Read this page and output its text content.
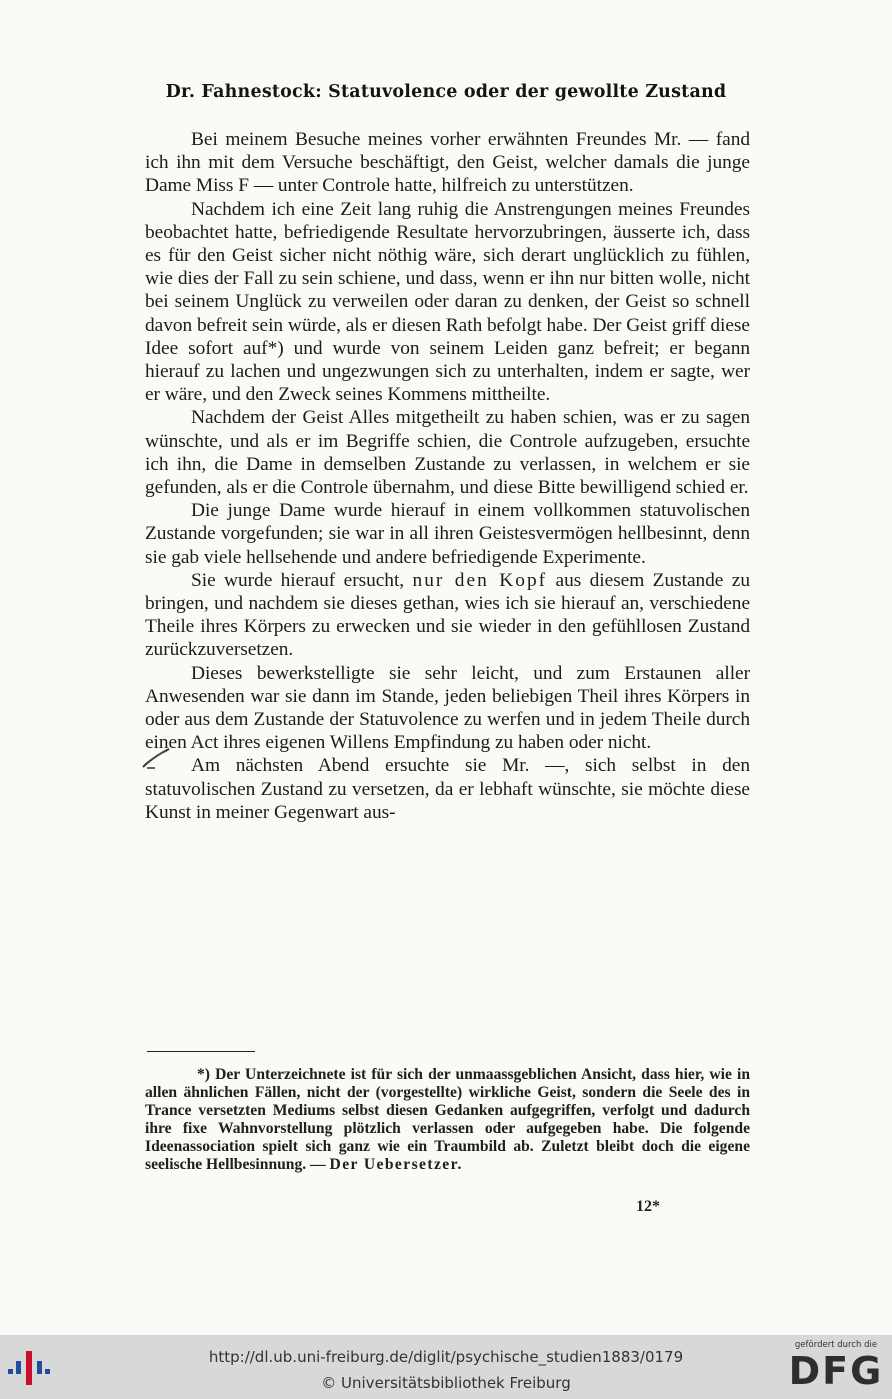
Dr. Fahnestock: Statuvolence oder der gewollte Zustand

Bei meinem Besuche meines vorher erwähnten Freundes Mr. — fand ich ihn mit dem Versuche beschäftigt, den Geist, welcher damals die junge Dame Miss F — unter Controle hatte, hilfreich zu unterstützen.

Nachdem ich eine Zeit lang ruhig die Anstrengungen meines Freundes beobachtet hatte, befriedigende Resultate hervorzubringen, äusserte ich, dass es für den Geist sicher nicht nöthig wäre, sich derart unglücklich zu fühlen, wie dies der Fall zu sein schiene, und dass, wenn er ihn nur bitten wolle, nicht bei seinem Unglück zu verweilen oder daran zu denken, der Geist so schnell davon befreit sein würde, als er diesen Rath befolgt habe. Der Geist griff diese Idee sofort auf*) und wurde von seinem Leiden ganz befreit; er begann hierauf zu lachen und ungezwungen sich zu unterhalten, indem er sagte, wer er wäre, und den Zweck seines Kommens mittheilte.

Nachdem der Geist Alles mitgetheilt zu haben schien, was er zu sagen wünschte, und als er im Begriffe schien, die Controle aufzugeben, ersuchte ich ihn, die Dame in demselben Zustande zu verlassen, in welchem er sie gefunden, als er die Controle übernahm, und diese Bitte bewilligend schied er.

Die junge Dame wurde hierauf in einem vollkommen statuvolischen Zustande vorgefunden; sie war in all ihren Geistesvermögen hellbesinnt, denn sie gab viele hellsehende und andere befriedigende Experimente.

Sie wurde hierauf ersucht, nur den Kopf aus diesem Zustande zu bringen, und nachdem sie dieses gethan, wies ich sie hierauf an, verschiedene Theile ihres Körpers zu erwecken und sie wieder in den gefühllosen Zustand zurückzuversetzen.

Dieses bewerkstelligte sie sehr leicht, und zum Erstaunen aller Anwesenden war sie dann im Stande, jeden beliebigen Theil ihres Körpers in oder aus dem Zustande der Statuvolence zu werfen und in jedem Theile durch einen Act ihres eigenen Willens Empfindung zu haben oder nicht.

Am nächsten Abend ersuchte sie Mr. —, sich selbst in den statuvolischen Zustand zu versetzen, da er lebhaft wünschte, sie möchte diese Kunst in meiner Gegenwart aus-

*) Der Unterzeichnete ist für sich der unmaassgeblichen Ansicht, dass hier, wie in allen ähnlichen Fällen, nicht der (vorgestellte) wirkliche Geist, sondern die Seele des in Trance versetzten Mediums selbst diesen Gedanken aufgegriffen, verfolgt und dadurch ihre fixe Wahnvorstellung plötzlich verlassen oder aufgegeben habe. Die folgende Ideenassociation spielt sich ganz wie ein Traumbild ab. Zuletzt bleibt doch die eigene seelische Hellbesinnung. — Der Uebersetzer.

12*
http://dl.ub.uni-freiburg.de/diglit/psychische_studien1883/0179
© Universitätsbibliothek Freiburg
gefördert durch die
DFG
